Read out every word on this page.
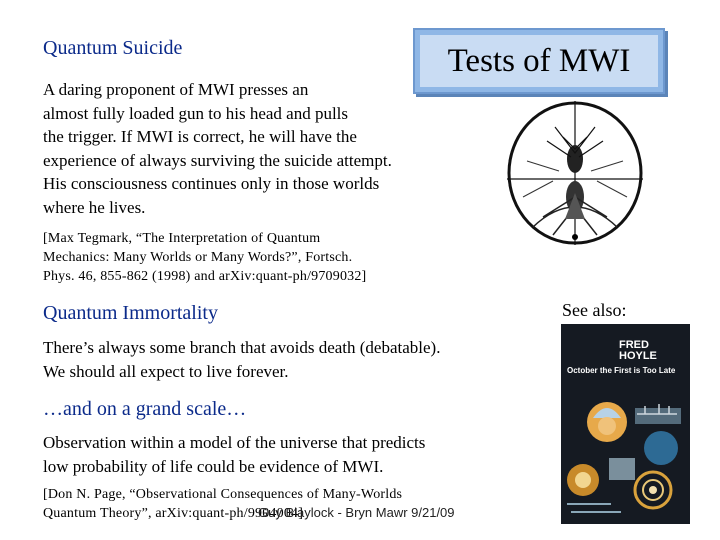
Quantum Suicide	Tests of MWI
A daring proponent of MWI presses an
almost fully loaded gun to his head and pulls
the trigger. If MWI is correct, he will have the
experience of always surviving the suicide attempt.
His consciousness continues only in those worlds
where he lives.
[Max Tegmark, “The Interpretation of Quantum
Mechanics: Many Worlds or Many Words?”, Fortsch.
Phys. 46, 855-862 (1998) and arXiv:quant-ph/9709032]
Quantum Immortality
There’s always some branch that avoids death (debatable).
We should all expect to live forever.
See also:
FRED
HOYLE
October the First is Too Late
…and on a grand scale…
Observation within a model of the universe that predicts
low probability of life could be evidence of MWI.
[Don N. Page, “Observational Consequences of Many-Worlds
Quantum Theory”, arXiv:quant-ph/9904004]
Guy Blaylock - Bryn Mawr 9/21/09
